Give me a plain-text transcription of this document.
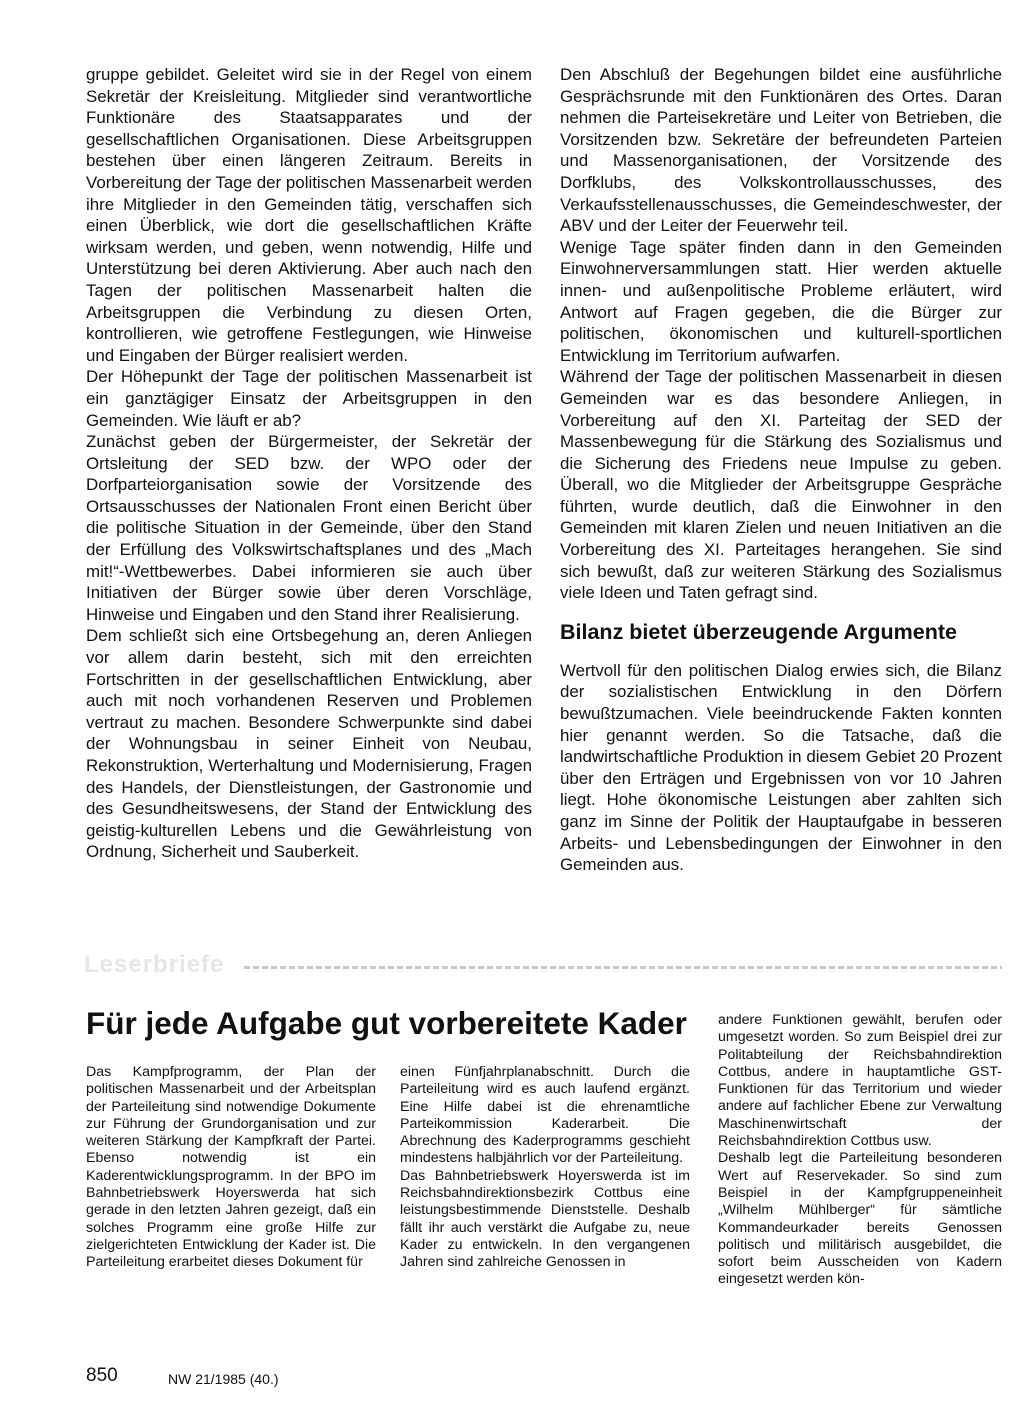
gruppe gebildet. Geleitet wird sie in der Regel von einem Sekretär der Kreisleitung. Mitglieder sind verantwortliche Funktionäre des Staatsapparates und der gesellschaftlichen Organisationen. Diese Arbeitsgruppen bestehen über einen längeren Zeitraum. Bereits in Vorbereitung der Tage der politischen Massenarbeit werden ihre Mitglieder in den Gemeinden tätig, verschaffen sich einen Überblick, wie dort die gesellschaftlichen Kräfte wirksam werden, und geben, wenn notwendig, Hilfe und Unterstützung bei deren Aktivierung. Aber auch nach den Tagen der politischen Massenarbeit halten die Arbeitsgruppen die Verbindung zu diesen Orten, kontrollieren, wie getroffene Festlegungen, wie Hinweise und Eingaben der Bürger realisiert werden.

Der Höhepunkt der Tage der politischen Massenarbeit ist ein ganztägiger Einsatz der Arbeitsgruppen in den Gemeinden. Wie läuft er ab?

Zunächst geben der Bürgermeister, der Sekretär der Ortsleitung der SED bzw. der WPO oder der Dorfparteiorganisation sowie der Vorsitzende des Ortsausschusses der Nationalen Front einen Bericht über die politische Situation in der Gemeinde, über den Stand der Erfüllung des Volkswirtschaftsplanes und des „Mach mit!“-Wettbewerbes. Dabei informieren sie auch über Initiativen der Bürger sowie über deren Vorschläge, Hinweise und Eingaben und den Stand ihrer Realisierung.

Dem schließt sich eine Ortsbegehung an, deren Anliegen vor allem darin besteht, sich mit den erreichten Fortschritten in der gesellschaftlichen Entwicklung, aber auch mit noch vorhandenen Reserven und Problemen vertraut zu machen. Besondere Schwerpunkte sind dabei der Wohnungsbau in seiner Einheit von Neubau, Rekonstruktion, Werterhaltung und Modernisierung, Fragen des Handels, der Dienstleistungen, der Gastronomie und des Gesundheitswesens, der Stand der Entwicklung des geistig-kulturellen Lebens und die Gewährleistung von Ordnung, Sicherheit und Sauberkeit.

Den Abschluß der Begehungen bildet eine ausführliche Gesprächsrunde mit den Funktionären des Ortes. Daran nehmen die Parteisekretäre und Leiter von Betrieben, die Vorsitzenden bzw. Sekretäre der befreundeten Parteien und Massenorganisationen, der Vorsitzende des Dorfklubs, des Volkskontrollausschusses, des Verkaufsstellenausschusses, die Gemeindeschwester, der ABV und der Leiter der Feuerwehr teil.

Wenige Tage später finden dann in den Gemeinden Einwohnerversammlungen statt. Hier werden aktuelle innen- und außenpolitische Probleme erläutert, wird Antwort auf Fragen gegeben, die die Bürger zur politischen, ökonomischen und kulturell-sportlichen Entwicklung im Territorium aufwarfen.

Während der Tage der politischen Massenarbeit in diesen Gemeinden war es das besondere Anliegen, in Vorbereitung auf den XI. Parteitag der SED der Massenbewegung für die Stärkung des Sozialismus und die Sicherung des Friedens neue Impulse zu geben. Überall, wo die Mitglieder der Arbeitsgruppe Gespräche führten, wurde deutlich, daß die Einwohner in den Gemeinden mit klaren Zielen und neuen Initiativen an die Vorbereitung des XI. Parteitages herangehen. Sie sind sich bewußt, daß zur weiteren Stärkung des Sozialismus viele Ideen und Taten gefragt sind.

Bilanz bietet überzeugende Argumente

Wertvoll für den politischen Dialog erwies sich, die Bilanz der sozialistischen Entwicklung in den Dörfern bewußtzumachen. Viele beeindruckende Fakten konnten hier genannt werden. So die Tatsache, daß die landwirtschaftliche Produktion in diesem Gebiet 20 Prozent über den Erträgen und Ergebnissen von vor 10 Jahren liegt. Hohe ökonomische Leistungen aber zahlten sich ganz im Sinne der Politik der Hauptaufgabe in besseren Arbeits- und Lebensbedingungen der Einwohner in den Gemeinden aus.

Leserbriefe
Für jede Aufgabe gut vorbereitete Kader

Das Kampfprogramm, der Plan der politischen Massenarbeit und der Arbeitsplan der Parteileitung sind notwendige Dokumente zur Führung der Grundorganisation und zur weiteren Stärkung der Kampfkraft der Partei. Ebenso notwendig ist ein Kaderentwicklungsprogramm. In der BPO im Bahnbetriebswerk Hoyerswerda hat sich gerade in den letzten Jahren gezeigt, daß ein solches Programm eine große Hilfe zur zielgerichteten Entwicklung der Kader ist. Die Parteileitung erarbeitet dieses Dokument für

einen Fünfjahrplanabschnitt. Durch die Parteileitung wird es auch laufend ergänzt. Eine Hilfe dabei ist die ehrenamtliche Parteikommission Kaderarbeit. Die Abrechnung des Kaderprogramms geschieht mindestens halbjährlich vor der Parteileitung.

Das Bahnbetriebswerk Hoyerswerda ist im Reichsbahndirektionsbezirk Cottbus eine leistungsbestimmende Dienststelle. Deshalb fällt ihr auch verstärkt die Aufgabe zu, neue Kader zu entwickeln. In den vergangenen Jahren sind zahlreiche Genossen in

andere Funktionen gewählt, berufen oder umgesetzt worden. So zum Beispiel drei zur Politabteilung der Reichsbahndirektion Cottbus, andere in hauptamtliche GST-Funktionen für das Territorium und wieder andere auf fachlicher Ebene zur Verwaltung Maschinenwirtschaft der Reichsbahndirektion Cottbus usw.

Deshalb legt die Parteileitung besonderen Wert auf Reservekader. So sind zum Beispiel in der Kampfgruppeneinheit „Wilhelm Mühlberger“ für sämtliche Kommandeurkader bereits Genossen politisch und militärisch ausgebildet, die sofort beim Ausscheiden von Kadern eingesetzt werden kön-

850	NW 21/1985 (40.)
